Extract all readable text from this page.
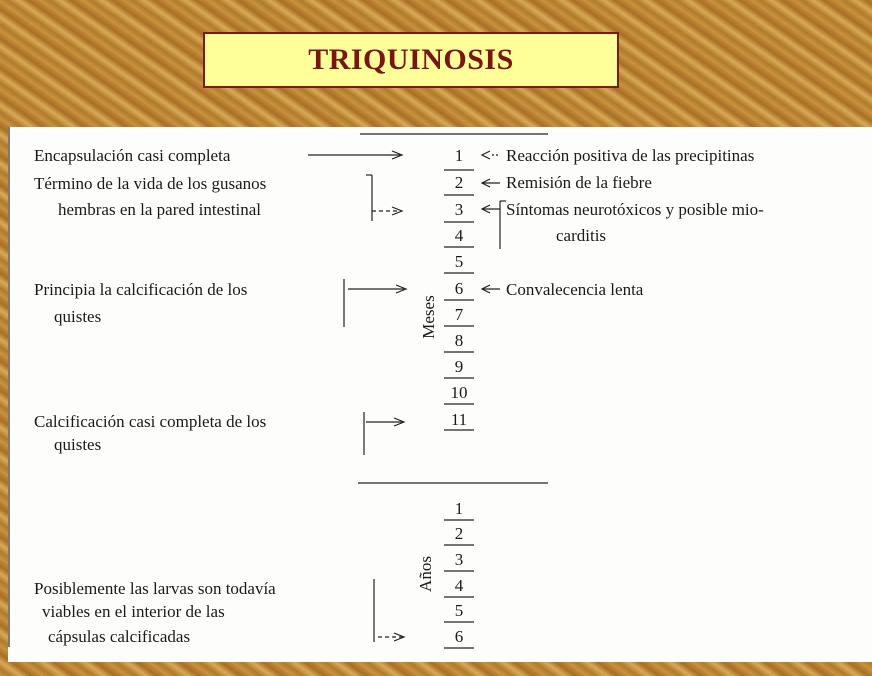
TRIQUINOSIS
Encapsulación casi completa
Término de la vida de los gusanos
hembras en la pared intestinal
Principia la calcificación de los
quistes
Calcificación casi completa de los
quistes
Posiblemente las larvas son todavía
viables en el interior de las
cápsulas calcificadas
Reacción positiva de las precipitinas
Remisión de la fiebre
Síntomas neurotóxicos y posible mio-
carditis
Convalecencia lenta
Meses
Años
1
2
3
4
5
6
7
8
9
10
11
1
2
3
4
5
6
